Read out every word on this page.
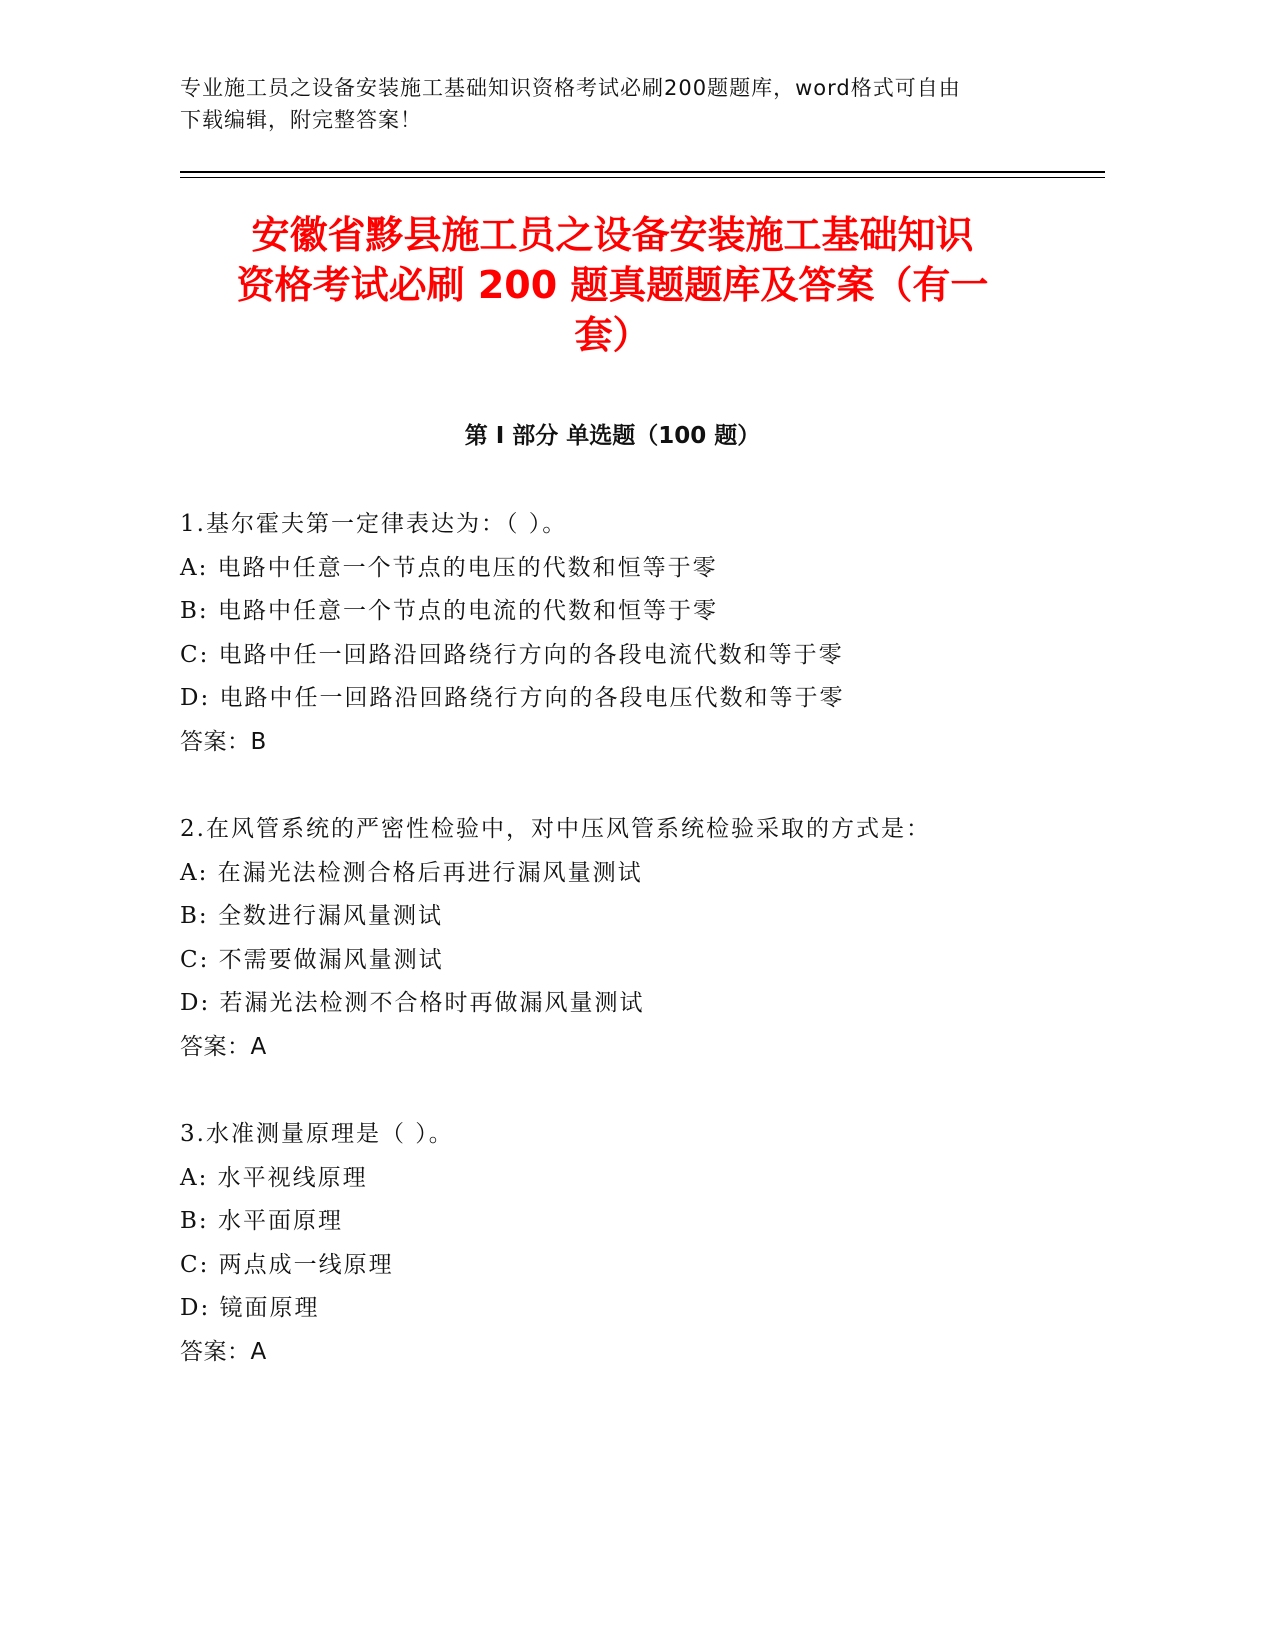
专业施工员之设备安装施工基础知识资格考试必刷200题题库，word格式可自由
下载编辑，附完整答案！
安徽省黟县施工员之设备安装施工基础知识
资格考试必刷 200 题真题题库及答案（有一
套）
第 I 部分 单选题（100 题）
1.基尔霍夫第一定律表达为：（ ）。
A: 电路中任意一个节点的电压的代数和恒等于零
B: 电路中任意一个节点的电流的代数和恒等于零
C: 电路中任一回路沿回路绕行方向的各段电流代数和等于零
D: 电路中任一回路沿回路绕行方向的各段电压代数和等于零
答案：B
2.在风管系统的严密性检验中，对中压风管系统检验采取的方式是：
A: 在漏光法检测合格后再进行漏风量测试
B: 全数进行漏风量测试
C: 不需要做漏风量测试
D: 若漏光法检测不合格时再做漏风量测试
答案：A
3.水准测量原理是（ ）。
A: 水平视线原理
B: 水平面原理
C: 两点成一线原理
D: 镜面原理
答案：A
